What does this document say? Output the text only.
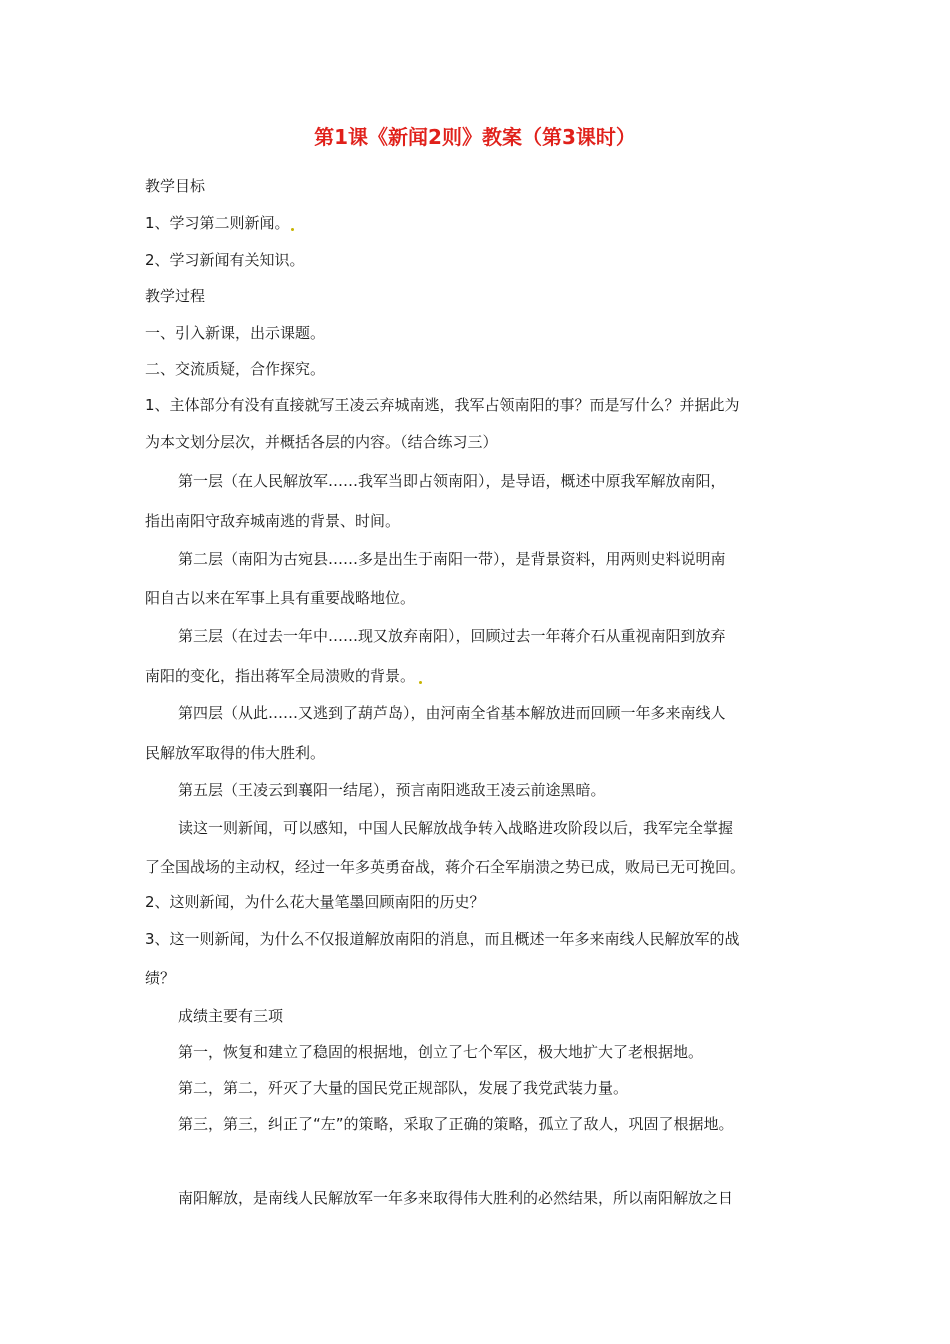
第1课《新闻2则》教案（第3课时）
教学目标
1、学习第二则新闻。
2、学习新闻有关知识。
教学过程
一、引入新课，出示课题。
二、交流质疑，合作探究。
1、主体部分有没有直接就写王凌云弃城南逃，我军占领南阳的事？而是写什么？并据此为
为本文划分层次，并概括各层的内容。（结合练习三）
第一层（在人民解放军……我军当即占领南阳），是导语，概述中原我军解放南阳，
指出南阳守敌弃城南逃的背景、时间。
第二层（南阳为古宛县……多是出生于南阳一带），是背景资料，用两则史料说明南
阳自古以来在军事上具有重要战略地位。
第三层（在过去一年中……现又放弃南阳），回顾过去一年蒋介石从重视南阳到放弃
南阳的变化，指出蒋军全局溃败的背景。
第四层（从此……又逃到了葫芦岛），由河南全省基本解放进而回顾一年多来南线人
民解放军取得的伟大胜利。
第五层（王凌云到襄阳一结尾），预言南阳逃敌王凌云前途黑暗。
读这一则新闻，可以感知，中国人民解放战争转入战略进攻阶段以后，我军完全掌握
了全国战场的主动权，经过一年多英勇奋战，蒋介石全军崩溃之势已成，败局已无可挽回。
2、这则新闻，为什么花大量笔墨回顾南阳的历史？
3、这一则新闻，为什么不仅报道解放南阳的消息，而且概述一年多来南线人民解放军的战
绩？
成绩主要有三项
第一，恢复和建立了稳固的根据地，创立了七个军区，极大地扩大了老根据地。
第二，第二，歼灭了大量的国民党正规部队，发展了我党武装力量。
第三，第三，纠正了“左”的策略，采取了正确的策略，孤立了敌人，巩固了根据地。
南阳解放，是南线人民解放军一年多来取得伟大胜利的必然结果，所以南阳解放之日
